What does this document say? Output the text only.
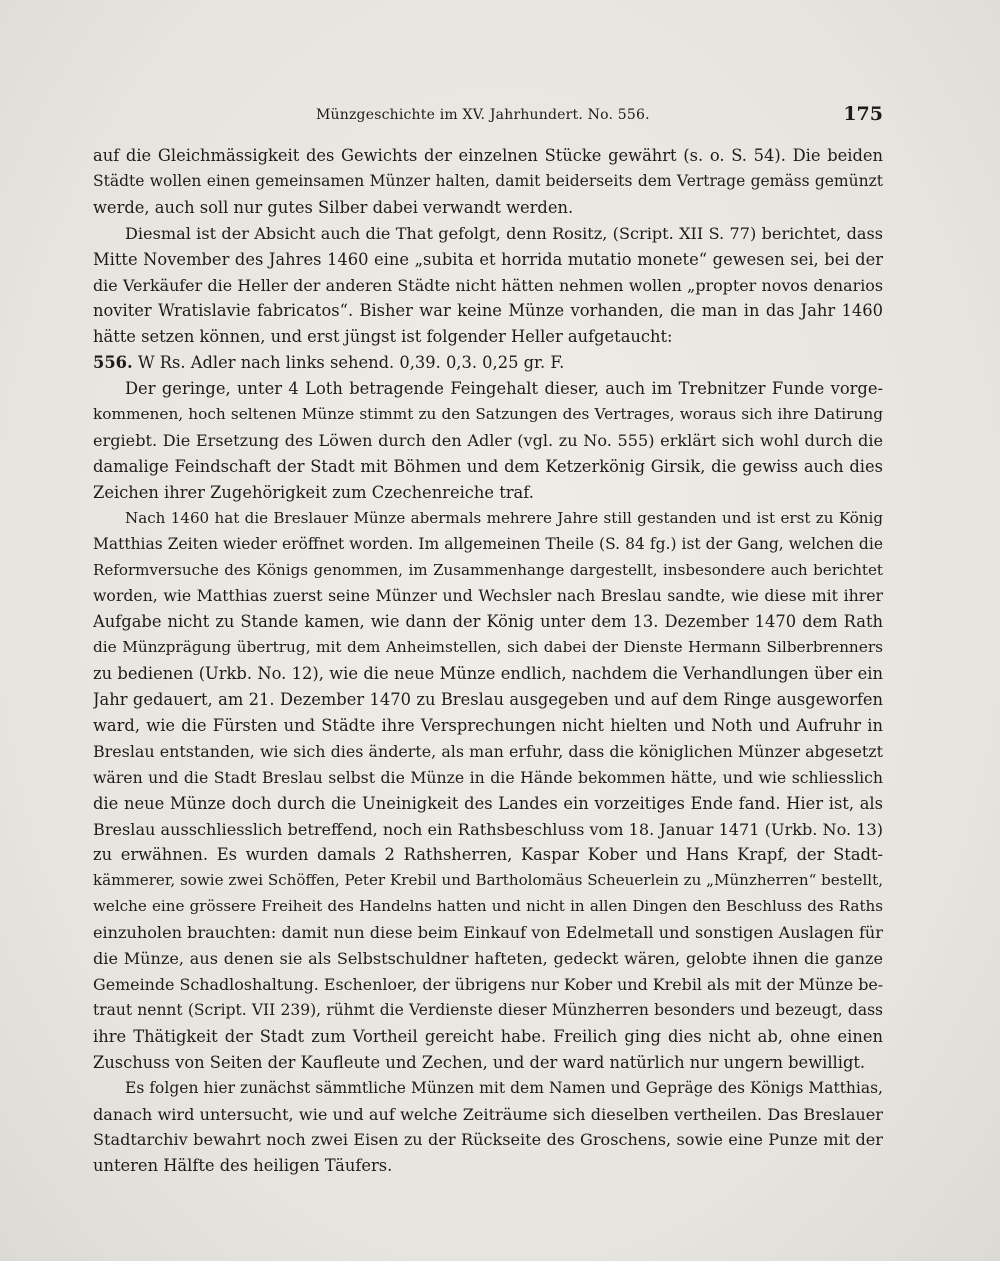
Münzgeschichte im XV. Jahrhundert. No. 556.	175
auf die Gleichmässigkeit des Gewichts der einzelnen Stücke gewährt (s. o. S. 54). Die beiden
Städte wollen einen gemeinsamen Münzer halten, damit beiderseits dem Vertrage gemäss gemünzt
werde, auch soll nur gutes Silber dabei verwandt werden.
Diesmal ist der Absicht auch die That gefolgt, denn Rositz, (Script. XII S. 77) berichtet, dass
Mitte November des Jahres 1460 eine „subita et horrida mutatio monete“ gewesen sei, bei der
die Verkäufer die Heller der anderen Städte nicht hätten nehmen wollen „propter novos denarios
noviter Wratislavie fabricatos“. Bisher war keine Münze vorhanden, die man in das Jahr 1460
hätte setzen können, und erst jüngst ist folgender Heller aufgetaucht:
556. W Rs. Adler nach links sehend. 0,39. 0,3. 0,25 gr. F.
Der geringe, unter 4 Loth betragende Feingehalt dieser, auch im Trebnitzer Funde vorge-
kommenen, hoch seltenen Münze stimmt zu den Satzungen des Vertrages, woraus sich ihre Datirung
ergiebt. Die Ersetzung des Löwen durch den Adler (vgl. zu No. 555) erklärt sich wohl durch die
damalige Feindschaft der Stadt mit Böhmen und dem Ketzerkönig Girsik, die gewiss auch dies
Zeichen ihrer Zugehörigkeit zum Czechenreiche traf.
Nach 1460 hat die Breslauer Münze abermals mehrere Jahre still gestanden und ist erst zu König
Matthias Zeiten wieder eröffnet worden. Im allgemeinen Theile (S. 84 fg.) ist der Gang, welchen die
Reformversuche des Königs genommen, im Zusammenhange dargestellt, insbesondere auch berichtet
worden, wie Matthias zuerst seine Münzer und Wechsler nach Breslau sandte, wie diese mit ihrer
Aufgabe nicht zu Stande kamen, wie dann der König unter dem 13. Dezember 1470 dem Rath
die Münzprägung übertrug, mit dem Anheimstellen, sich dabei der Dienste Hermann Silberbrenners
zu bedienen (Urkb. No. 12), wie die neue Münze endlich, nachdem die Verhandlungen über ein
Jahr gedauert, am 21. Dezember 1470 zu Breslau ausgegeben und auf dem Ringe ausgeworfen
ward, wie die Fürsten und Städte ihre Versprechungen nicht hielten und Noth und Aufruhr in
Breslau entstanden, wie sich dies änderte, als man erfuhr, dass die königlichen Münzer abgesetzt
wären und die Stadt Breslau selbst die Münze in die Hände bekommen hätte, und wie schliesslich
die neue Münze doch durch die Uneinigkeit des Landes ein vorzeitiges Ende fand. Hier ist, als
Breslau ausschliesslich betreffend, noch ein Rathsbeschluss vom 18. Januar 1471 (Urkb. No. 13)
zu erwähnen. Es wurden damals 2 Rathsherren, Kaspar Kober und Hans Krapf, der Stadt-
kämmerer, sowie zwei Schöffen, Peter Krebil und Bartholomäus Scheuerlein zu „Münzherren“ bestellt,
welche eine grössere Freiheit des Handelns hatten und nicht in allen Dingen den Beschluss des Raths
einzuholen brauchten: damit nun diese beim Einkauf von Edelmetall und sonstigen Auslagen für
die Münze, aus denen sie als Selbstschuldner hafteten, gedeckt wären, gelobte ihnen die ganze
Gemeinde Schadloshaltung. Eschenloer, der übrigens nur Kober und Krebil als mit der Münze be-
traut nennt (Script. VII 239), rühmt die Verdienste dieser Münzherren besonders und bezeugt, dass
ihre Thätigkeit der Stadt zum Vortheil gereicht habe. Freilich ging dies nicht ab, ohne einen
Zuschuss von Seiten der Kaufleute und Zechen, und der ward natürlich nur ungern bewilligt.
Es folgen hier zunächst sämmtliche Münzen mit dem Namen und Gepräge des Königs Matthias,
danach wird untersucht, wie und auf welche Zeiträume sich dieselben vertheilen. Das Breslauer
Stadtarchiv bewahrt noch zwei Eisen zu der Rückseite des Groschens, sowie eine Punze mit der
unteren Hälfte des heiligen Täufers.
